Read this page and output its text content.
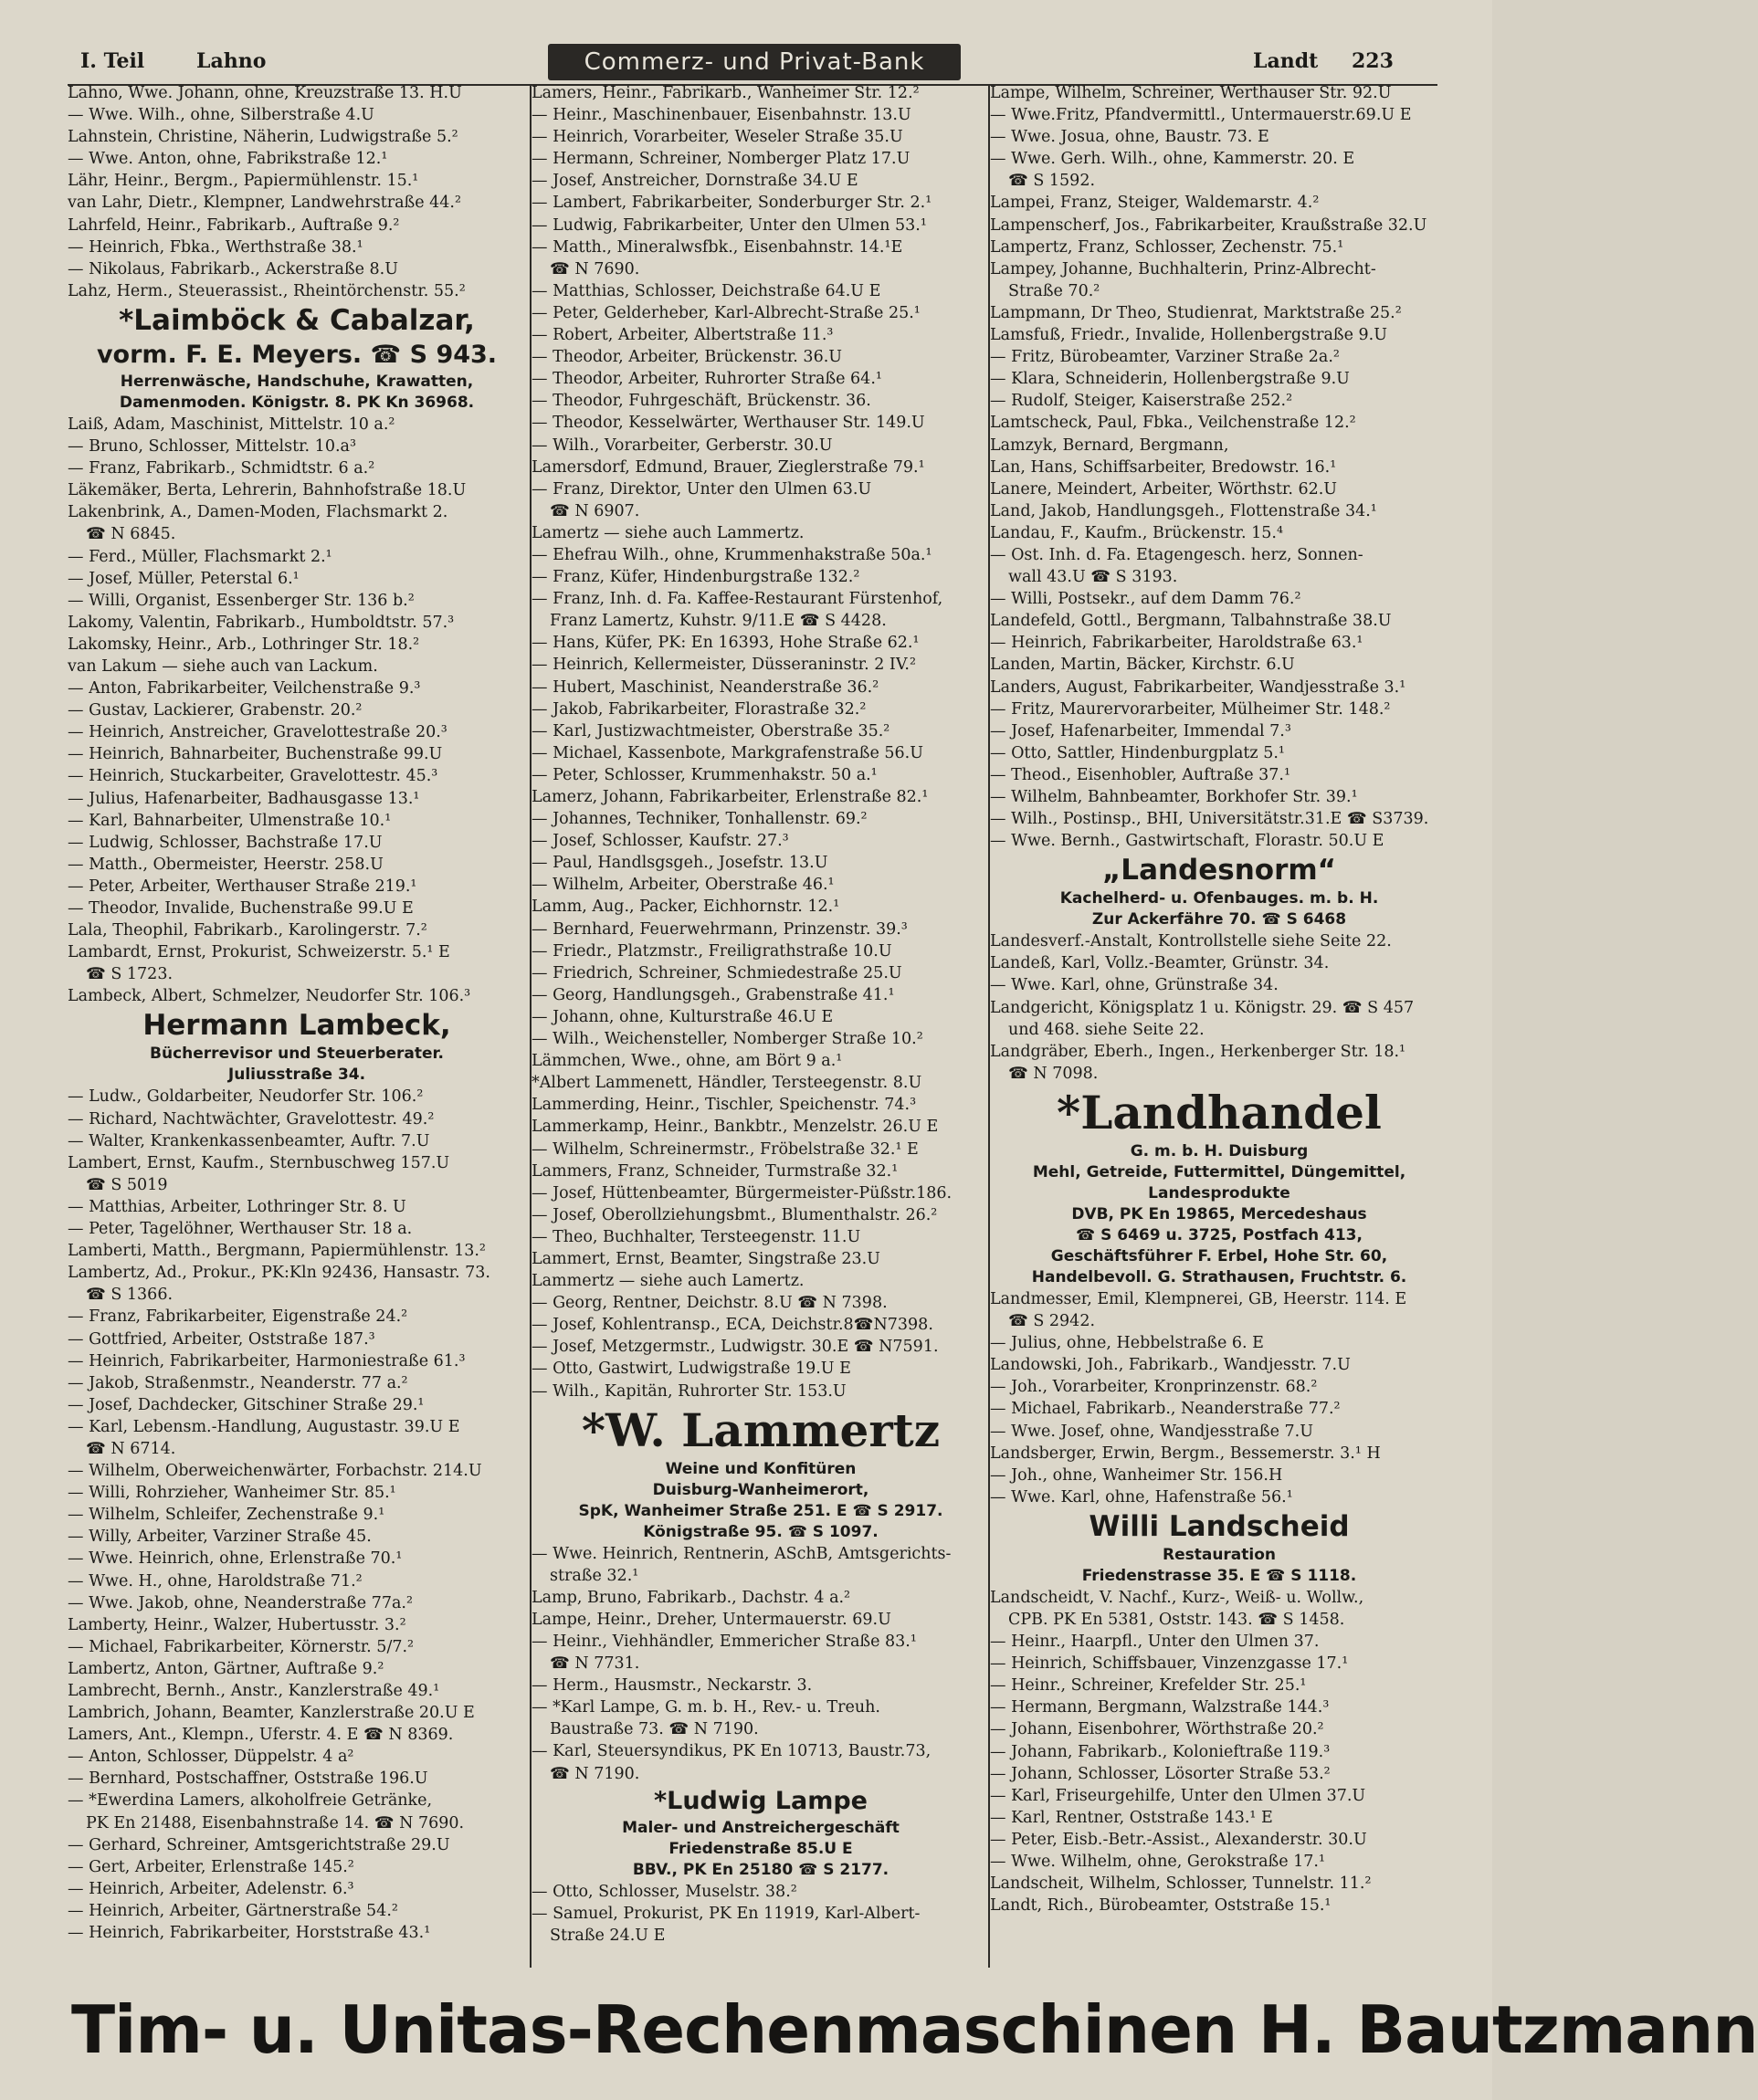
I. Teil	Lahno	Commerz- und Privat-Bank	Landt 223
Lahno, Wwe. Johann, ohne, Kreuzstraße 13. H.U
— Wwe. Wilh., ohne, Silberstraße 4.U
Lahnstein, Christine, Näherin, Ludwigstraße 5.²
— Wwe. Anton, ohne, Fabrikstraße 12.¹
Lähr, Heinr., Bergm., Papiermühlenstr. 15.¹
van Lahr, Dietr., Klempner, Landwehrstraße 44.²
Lahrfeld, Heinr., Fabrikarb., Auftraße 9.²
— Heinrich, Fbka., Werthstraße 38.¹
— Nikolaus, Fabrikarb., Ackerstraße 8.U
Lahz, Herm., Steuerassist., Rheintörchenstr. 55.²
*Laimböck & Cabalzar,
vorm. F. E. Meyers. ☎ S 943.
Herrenwäsche, Handschuhe, Krawatten,
Damenmoden. Königstr. 8. PK Kn 36968.
Laiß, Adam, Maschinist, Mittelstr. 10 a.²
— Bruno, Schlosser, Mittelstr. 10.a³
— Franz, Fabrikarb., Schmidtstr. 6 a.²
Läkemäker, Berta, Lehrerin, Bahnhofstraße 18.U
Lakenbrink, A., Damen-Moden, Flachsmarkt 2.
☎ N 6845.
— Ferd., Müller, Flachsmarkt 2.¹
— Josef, Müller, Peterstal 6.¹
— Willi, Organist, Essenberger Str. 136 b.²
Lakomy, Valentin, Fabrikarb., Humboldtstr. 57.³
Lakomsky, Heinr., Arb., Lothringer Str. 18.²
van Lakum — siehe auch van Lackum.
— Anton, Fabrikarbeiter, Veilchenstraße 9.³
— Gustav, Lackierer, Grabenstr. 20.²
— Heinrich, Anstreicher, Gravelottestraße 20.³
— Heinrich, Bahnarbeiter, Buchenstraße 99.U
— Heinrich, Stuckarbeiter, Gravelottestr. 45.³
— Julius, Hafenarbeiter, Badhausgasse 13.¹
— Karl, Bahnarbeiter, Ulmenstraße 10.¹
— Ludwig, Schlosser, Bachstraße 17.U
— Matth., Obermeister, Heerstr. 258.U
— Peter, Arbeiter, Werthauser Straße 219.¹
— Theodor, Invalide, Buchenstraße 99.U E
Lala, Theophil, Fabrikarb., Karolingerstr. 7.²
Lambardt, Ernst, Prokurist, Schweizerstr. 5.¹ E
☎ S 1723.
Lambeck, Albert, Schmelzer, Neudorfer Str. 106.³
Hermann Lambeck,
Bücherrevisor und Steuerberater.
Juliusstraße 34.
— Ludw., Goldarbeiter, Neudorfer Str. 106.²
— Richard, Nachtwächter, Gravelottestr. 49.²
— Walter, Krankenkassenbeamter, Auftr. 7.U
Lambert, Ernst, Kaufm., Sternbuschweg 157.U
☎ S 5019
— Matthias, Arbeiter, Lothringer Str. 8. U
— Peter, Tagelöhner, Werthauser Str. 18 a.
Lamberti, Matth., Bergmann, Papiermühlenstr. 13.²
Lambertz, Ad., Prokur., PK:Kln 92436, Hansastr. 73.
☎ S 1366.
— Franz, Fabrikarbeiter, Eigenstraße 24.²
— Gottfried, Arbeiter, Oststraße 187.³
— Heinrich, Fabrikarbeiter, Harmoniestraße 61.³
— Jakob, Straßenmstr., Neanderstr. 77 a.²
— Josef, Dachdecker, Gitschiner Straße 29.¹
— Karl, Lebensm.-Handlung, Augustastr. 39.U E
☎ N 6714.
— Wilhelm, Oberweichenwärter, Forbachstr. 214.U
— Willi, Rohrzieher, Wanheimer Str. 85.¹
— Wilhelm, Schleifer, Zechenstraße 9.¹
— Willy, Arbeiter, Varziner Straße 45.
— Wwe. Heinrich, ohne, Erlenstraße 70.¹
— Wwe. H., ohne, Haroldstraße 71.²
— Wwe. Jakob, ohne, Neanderstraße 77a.²
Lamberty, Heinr., Walzer, Hubertusstr. 3.²
— Michael, Fabrikarbeiter, Körnerstr. 5/7.²
Lambertz, Anton, Gärtner, Auftraße 9.²
Lambrecht, Bernh., Anstr., Kanzlerstraße 49.¹
Lambrich, Johann, Beamter, Kanzlerstraße 20.U E
Lamers, Ant., Klempn., Uferstr. 4. E ☎ N 8369.
— Anton, Schlosser, Düppelstr. 4 a²
— Bernhard, Postschaffner, Oststraße 196.U
— *Ewerdina Lamers, alkoholfreie Getränke,
PK En 21488, Eisenbahnstraße 14. ☎ N 7690.
— Gerhard, Schreiner, Amtsgerichtstraße 29.U
— Gert, Arbeiter, Erlenstraße 145.²
— Heinrich, Arbeiter, Adelenstr. 6.³
— Heinrich, Arbeiter, Gärtnerstraße 54.²
— Heinrich, Fabrikarbeiter, Horststraße 43.¹
Lamers, Heinr., Fabrikarb., Wanheimer Str. 12.²
— Heinr., Maschinenbauer, Eisenbahnstr. 13.U
— Heinrich, Vorarbeiter, Weseler Straße 35.U
— Hermann, Schreiner, Nomberger Platz 17.U
— Josef, Anstreicher, Dornstraße 34.U E
— Lambert, Fabrikarbeiter, Sonderburger Str. 2.¹
— Ludwig, Fabrikarbeiter, Unter den Ulmen 53.¹
— Matth., Mineralwsfbk., Eisenbahnstr. 14.¹E
☎ N 7690.
— Matthias, Schlosser, Deichstraße 64.U E
— Peter, Gelderheber, Karl-Albrecht-Straße 25.¹
— Robert, Arbeiter, Albertstraße 11.³
— Theodor, Arbeiter, Brückenstr. 36.U
— Theodor, Arbeiter, Ruhrorter Straße 64.¹
— Theodor, Fuhrgeschäft, Brückenstr. 36.
— Theodor, Kesselwärter, Werthauser Str. 149.U
— Wilh., Vorarbeiter, Gerberstr. 30.U
Lamersdorf, Edmund, Brauer, Zieglerstraße 79.¹
— Franz, Direktor, Unter den Ulmen 63.U
☎ N 6907.
Lamertz — siehe auch Lammertz.
— Ehefrau Wilh., ohne, Krummenhakstraße 50a.¹
— Franz, Küfer, Hindenburgstraße 132.²
— Franz, Inh. d. Fa. Kaffee-Restaurant Fürstenhof,
Franz Lamertz, Kuhstr. 9/11.E ☎ S 4428.
— Hans, Küfer, PK: En 16393, Hohe Straße 62.¹
— Heinrich, Kellermeister, Düsseraninstr. 2 IV.²
— Hubert, Maschinist, Neanderstraße 36.²
— Jakob, Fabrikarbeiter, Florastraße 32.²
— Karl, Justizwachtmeister, Oberstraße 35.²
— Michael, Kassenbote, Markgrafenstraße 56.U
— Peter, Schlosser, Krummenhakstr. 50 a.¹
Lamerz, Johann, Fabrikarbeiter, Erlenstraße 82.¹
— Johannes, Techniker, Tonhallenstr. 69.²
— Josef, Schlosser, Kaufstr. 27.³
— Paul, Handlsgsgeh., Josefstr. 13.U
— Wilhelm, Arbeiter, Oberstraße 46.¹
Lamm, Aug., Packer, Eichhornstr. 12.¹
— Bernhard, Feuerwehrmann, Prinzenstr. 39.³
— Friedr., Platzmstr., Freiligrathstraße 10.U
— Friedrich, Schreiner, Schmiedestraße 25.U
— Georg, Handlungsgeh., Grabenstraße 41.¹
— Johann, ohne, Kulturstraße 46.U E
— Wilh., Weichensteller, Nomberger Straße 10.²
Lämmchen, Wwe., ohne, am Bört 9 a.¹
*Albert Lammenett, Händler, Tersteegenstr. 8.U
Lammerding, Heinr., Tischler, Speichenstr. 74.³
Lammerkamp, Heinr., Bankbtr., Menzelstr. 26.U E
— Wilhelm, Schreinermstr., Fröbelstraße 32.¹ E
Lammers, Franz, Schneider, Turmstraße 32.¹
— Josef, Hüttenbeamter, Bürgermeister-Püßstr.186.
— Josef, Oberollziehungsbmt., Blumenthalstr. 26.²
— Theo, Buchhalter, Tersteegenstr. 11.U
Lammert, Ernst, Beamter, Singstraße 23.U
Lammertz — siehe auch Lamertz.
— Georg, Rentner, Deichstr. 8.U ☎ N 7398.
— Josef, Kohlentransp., ECA, Deichstr.8☎N7398.
— Josef, Metzgermstr., Ludwigstr. 30.E ☎ N7591.
— Otto, Gastwirt, Ludwigstraße 19.U E
— Wilh., Kapitän, Ruhrorter Str. 153.U
*W. Lammertz
Weine und Konfitüren
Duisburg-Wanheimerort,
SpK, Wanheimer Straße 251. E ☎ S 2917.
Königstraße 95. ☎ S 1097.
— Wwe. Heinrich, Rentnerin, ASchB, Amtsgerichts-
straße 32.¹
Lamp, Bruno, Fabrikarb., Dachstr. 4 a.²
Lampe, Heinr., Dreher, Untermauerstr. 69.U
— Heinr., Viehhändler, Emmericher Straße 83.¹
☎ N 7731.
— Herm., Hausmstr., Neckarstr. 3.
— *Karl Lampe, G. m. b. H., Rev.- u. Treuh.
Baustraße 73. ☎ N 7190.
— Karl, Steuersyndikus, PK En 10713, Baustr.73,
☎ N 7190.
*Ludwig Lampe
Maler- und Anstreichergeschäft
Friedenstraße 85.U E
BBV., PK En 25180 ☎ S 2177.
— Otto, Schlosser, Muselstr. 38.²
— Samuel, Prokurist, PK En 11919, Karl-Albert-
Straße 24.U E
Lampe, Wilhelm, Schreiner, Werthauser Str. 92.U
— Wwe.Fritz, Pfandvermittl., Untermauerstr.69.U E
— Wwe. Josua, ohne, Baustr. 73. E
— Wwe. Gerh. Wilh., ohne, Kammerstr. 20. E
☎ S 1592.
Lampei, Franz, Steiger, Waldemarstr. 4.²
Lampenscherf, Jos., Fabrikarbeiter, Kraußstraße 32.U
Lampertz, Franz, Schlosser, Zechenstr. 75.¹
Lampey, Johanne, Buchhalterin, Prinz-Albrecht-
Straße 70.²
Lampmann, Dr Theo, Studienrat, Marktstraße 25.²
Lamsfuß, Friedr., Invalide, Hollenbergstraße 9.U
— Fritz, Bürobeamter, Varziner Straße 2a.²
— Klara, Schneiderin, Hollenbergstraße 9.U
— Rudolf, Steiger, Kaiserstraße 252.²
Lamtscheck, Paul, Fbka., Veilchenstraße 12.²
Lamzyk, Bernard, Bergmann,
Lan, Hans, Schiffsarbeiter, Bredowstr. 16.¹
Lanere, Meindert, Arbeiter, Wörthstr. 62.U
Land, Jakob, Handlungsgeh., Flottenstraße 34.¹
Landau, F., Kaufm., Brückenstr. 15.⁴
— Ost. Inh. d. Fa. Etagengesch. herz, Sonnen-
wall 43.U ☎ S 3193.
— Willi, Postsekr., auf dem Damm 76.²
Landefeld, Gottl., Bergmann, Talbahnstraße 38.U
— Heinrich, Fabrikarbeiter, Haroldstraße 63.¹
Landen, Martin, Bäcker, Kirchstr. 6.U
Landers, August, Fabrikarbeiter, Wandjesstraße 3.¹
— Fritz, Maurervorarbeiter, Mülheimer Str. 148.²
— Josef, Hafenarbeiter, Immendal 7.³
— Otto, Sattler, Hindenburgplatz 5.¹
— Theod., Eisenhobler, Auftraße 37.¹
— Wilhelm, Bahnbeamter, Borkhofer Str. 39.¹
— Wilh., Postinsp., BHI, Universitätstr.31.E ☎ S3739.
— Wwe. Bernh., Gastwirtschaft, Florastr. 50.U E
„Landesnorm“
Kachelherd- u. Ofenbauges. m. b. H.
Zur Ackerfähre 70. ☎ S 6468
Landesverf.-Anstalt, Kontrollstelle siehe Seite 22.
Landeß, Karl, Vollz.-Beamter, Grünstr. 34.
— Wwe. Karl, ohne, Grünstraße 34.
Landgericht, Königsplatz 1 u. Königstr. 29. ☎ S 457
und 468. siehe Seite 22.
Landgräber, Eberh., Ingen., Herkenberger Str. 18.¹
☎ N 7098.
*Landhandel
G. m. b. H. Duisburg
Mehl, Getreide, Futtermittel, Düngemittel,
Landesprodukte
DVB, PK En 19865, Mercedeshaus
☎ S 6469 u. 3725, Postfach 413,
Geschäftsführer F. Erbel, Hohe Str. 60,
Handelbevoll. G. Strathausen, Fruchtstr. 6.
Landmesser, Emil, Klempnerei, GB, Heerstr. 114. E
☎ S 2942.
— Julius, ohne, Hebbelstraße 6. E
Landowski, Joh., Fabrikarb., Wandjesstr. 7.U
— Joh., Vorarbeiter, Kronprinzenstr. 68.²
— Michael, Fabrikarb., Neanderstraße 77.²
— Wwe. Josef, ohne, Wandjesstraße 7.U
Landsberger, Erwin, Bergm., Bessemerstr. 3.¹ H
— Joh., ohne, Wanheimer Str. 156.H
— Wwe. Karl, ohne, Hafenstraße 56.¹
Willi Landscheid
Restauration
Friedenstrasse 35. E ☎ S 1118.
Landscheidt, V. Nachf., Kurz-, Weiß- u. Wollw.,
CPB. PK En 5381, Oststr. 143. ☎ S 1458.
— Heinr., Haarpfl., Unter den Ulmen 37.
— Heinrich, Schiffsbauer, Vinzenzgasse 17.¹
— Heinr., Schreiner, Krefelder Str. 25.¹
— Hermann, Bergmann, Walzstraße 144.³
— Johann, Eisenbohrer, Wörthstraße 20.²
— Johann, Fabrikarb., Kolonieftraße 119.³
— Johann, Schlosser, Lösorter Straße 53.²
— Karl, Friseurgehilfe, Unter den Ulmen 37.U
— Karl, Rentner, Oststraße 143.¹ E
— Peter, Eisb.-Betr.-Assist., Alexanderstr. 30.U
— Wwe. Wilhelm, ohne, Gerokstraße 17.¹
Landscheit, Wilhelm, Schlosser, Tunnelstr. 11.²
Landt, Rich., Bürobeamter, Oststraße 15.¹
Tim- u. Unitas-Rechenmaschinen H. Bautzmann
